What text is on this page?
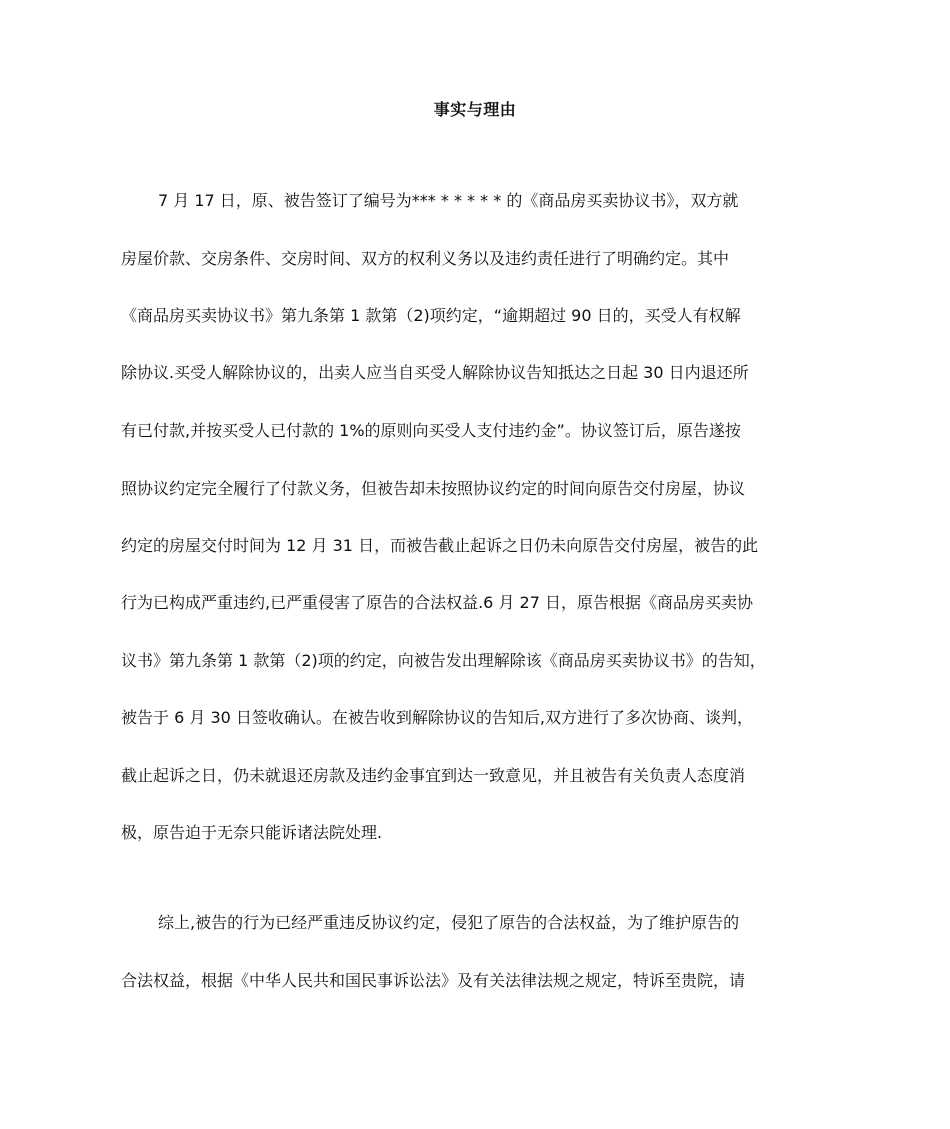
事实与理由
7 月 17 日，原、被告签订了编号为*** * * * * * 的《商品房买卖协议书》，双方就
房屋价款、交房条件、交房时间、双方的权利义务以及违约责任进行了明确约定。其中
《商品房买卖协议书》第九条第 1 款第（2)项约定，“逾期超过 90 日的，买受人有权解
除协议.买受人解除协议的，出卖人应当自买受人解除协议告知抵达之日起 30 日内退还所
有已付款,并按买受人已付款的 1%的原则向买受人支付违约金”。协议签订后，原告遂按
照协议约定完全履行了付款义务，但被告却未按照协议约定的时间向原告交付房屋，协议
约定的房屋交付时间为 12 月 31 日，而被告截止起诉之日仍未向原告交付房屋，被告的此
行为已构成严重违约,已严重侵害了原告的合法权益.6 月 27 日，原告根据《商品房买卖协
议书》第九条第 1 款第（2)项的约定，向被告发出理解除该《商品房买卖协议书》的告知，
被告于 6 月 30 日签收确认。在被告收到解除协议的告知后,双方进行了多次协商、谈判，
截止起诉之日，仍未就退还房款及违约金事宜到达一致意见，并且被告有关负责人态度消
极，原告迫于无奈只能诉诸法院处理.
综上,被告的行为已经严重违反协议约定，侵犯了原告的合法权益，为了维护原告的
合法权益，根据《中华人民共和国民事诉讼法》及有关法律法规之规定，特诉至贵院，请
